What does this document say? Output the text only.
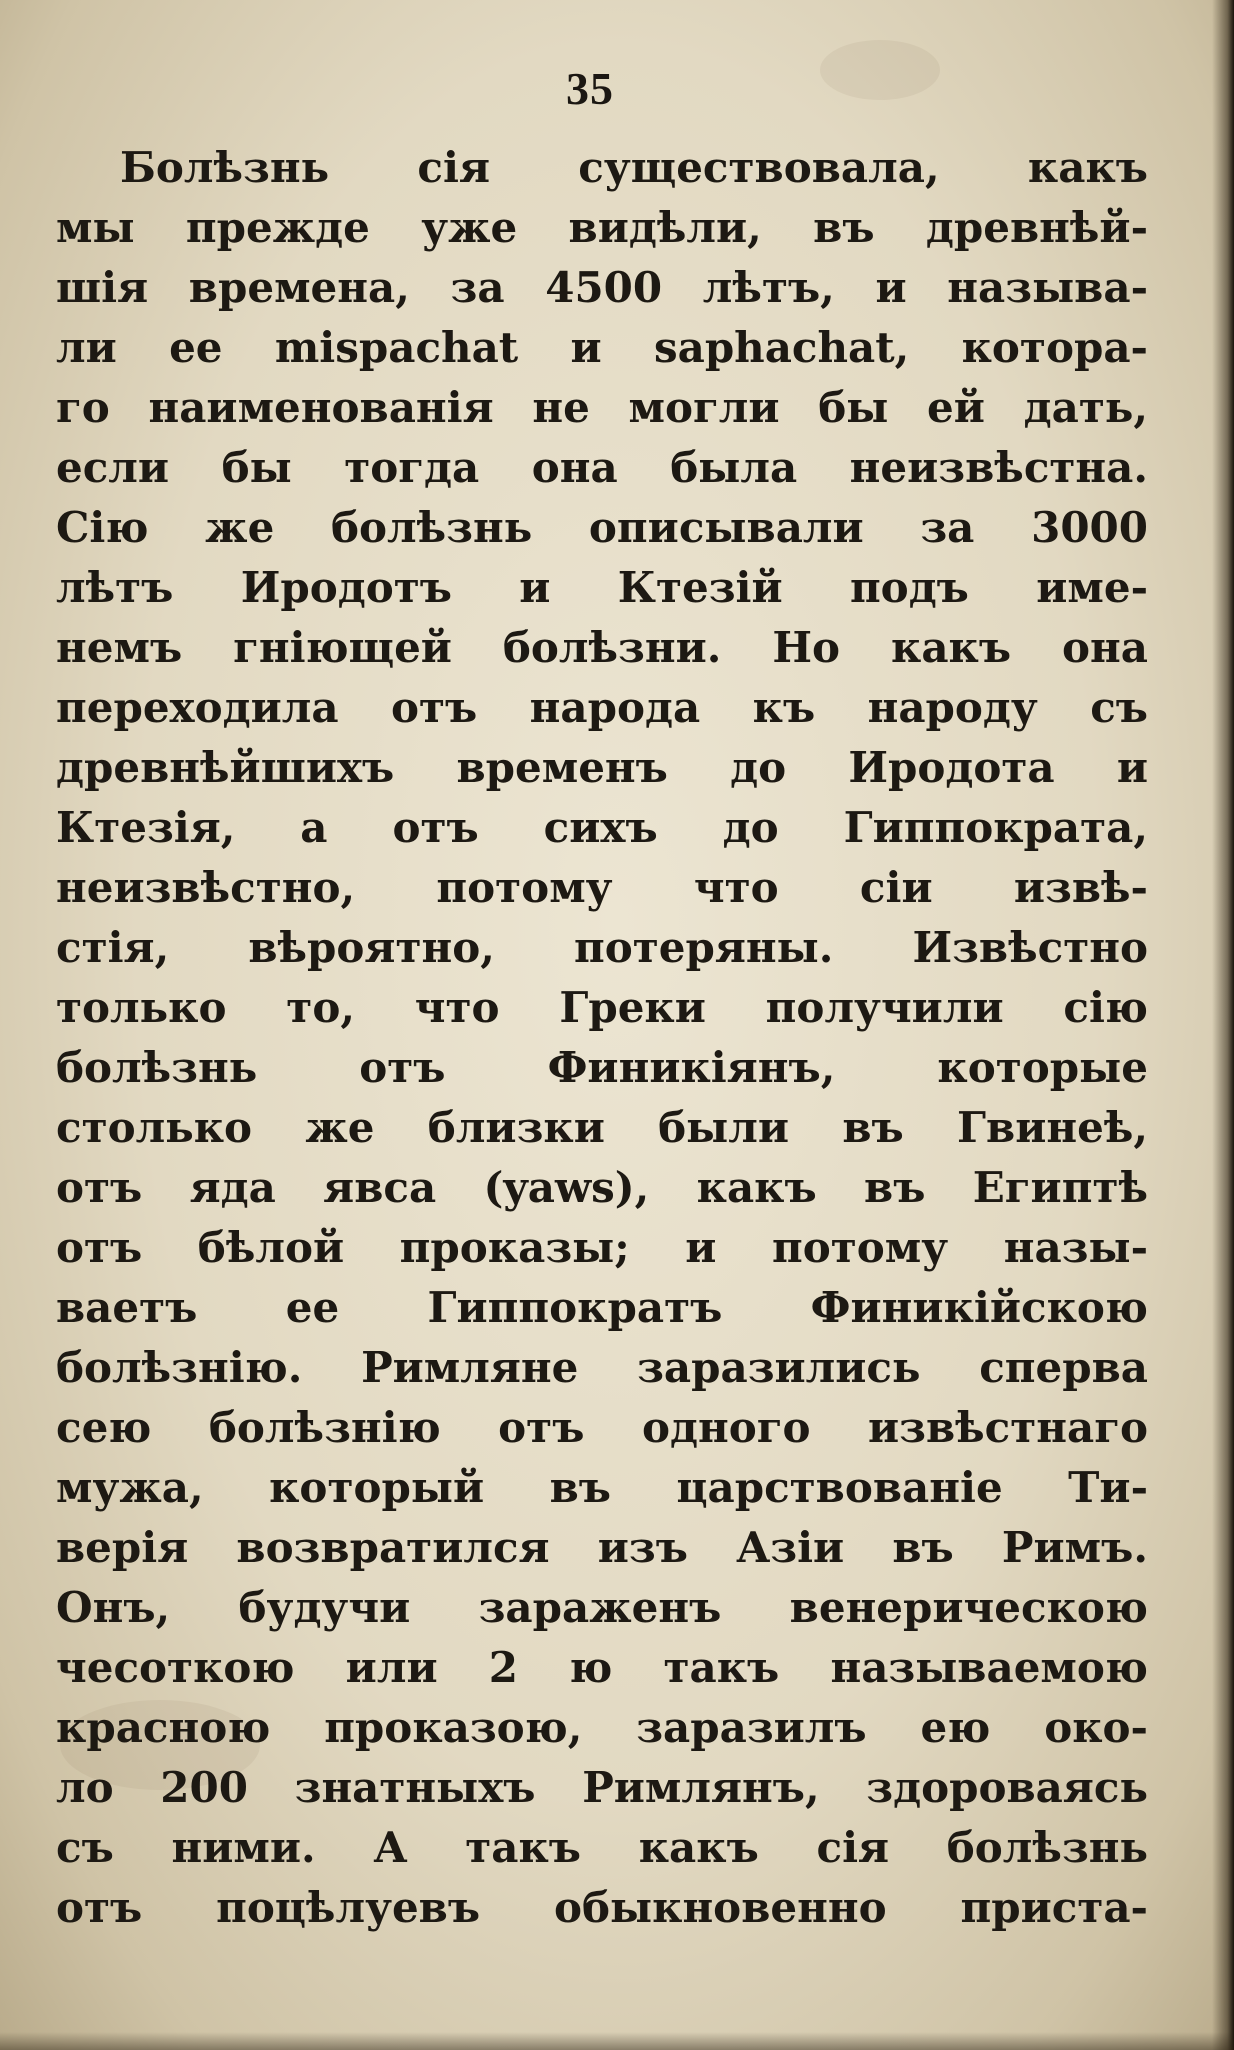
35
Болѣзнь сія существовала, какъ
мы прежде уже видѣли, въ древнѣй-
шія времена, за 4500 лѣтъ, и называ-
ли ее mispachat и saphachat, котора-
го наименованія не могли бы ей дать,
если бы тогда она была неизвѣстна.
Сію же болѣзнь описывали за 3000
лѣтъ Иродотъ и Ктезій подъ име-
немъ гніющей болѣзни. Но какъ она
переходила отъ народа къ народу съ
древнѣйшихъ временъ до Иродота и
Ктезія, а отъ сихъ до Гиппократа,
неизвѣстно, потому что сіи извѣ-
стія, вѣроятно, потеряны. Извѣстно
только то, что Греки получили сію
болѣзнь отъ Финикіянъ, которые
столько же близки были въ Гвинеѣ,
отъ яда явса (yaws), какъ въ Египтѣ
отъ бѣлой проказы; и потому назы-
ваетъ ее Гиппократъ Финикійскою
болѣзнію. Римляне заразились сперва
сею болѣзнію отъ одного извѣстнаго
мужа, который въ царствованіе Ти-
верія возвратился изъ Азіи въ Римъ.
Онъ, будучи зараженъ венерическою
чесоткою или 2 ю такъ называемою
красною проказою, заразилъ ею око-
ло 200 знатныхъ Римлянъ, здороваясь
съ ними. А такъ какъ сія болѣзнь
отъ поцѣлуевъ обыкновенно приста-
